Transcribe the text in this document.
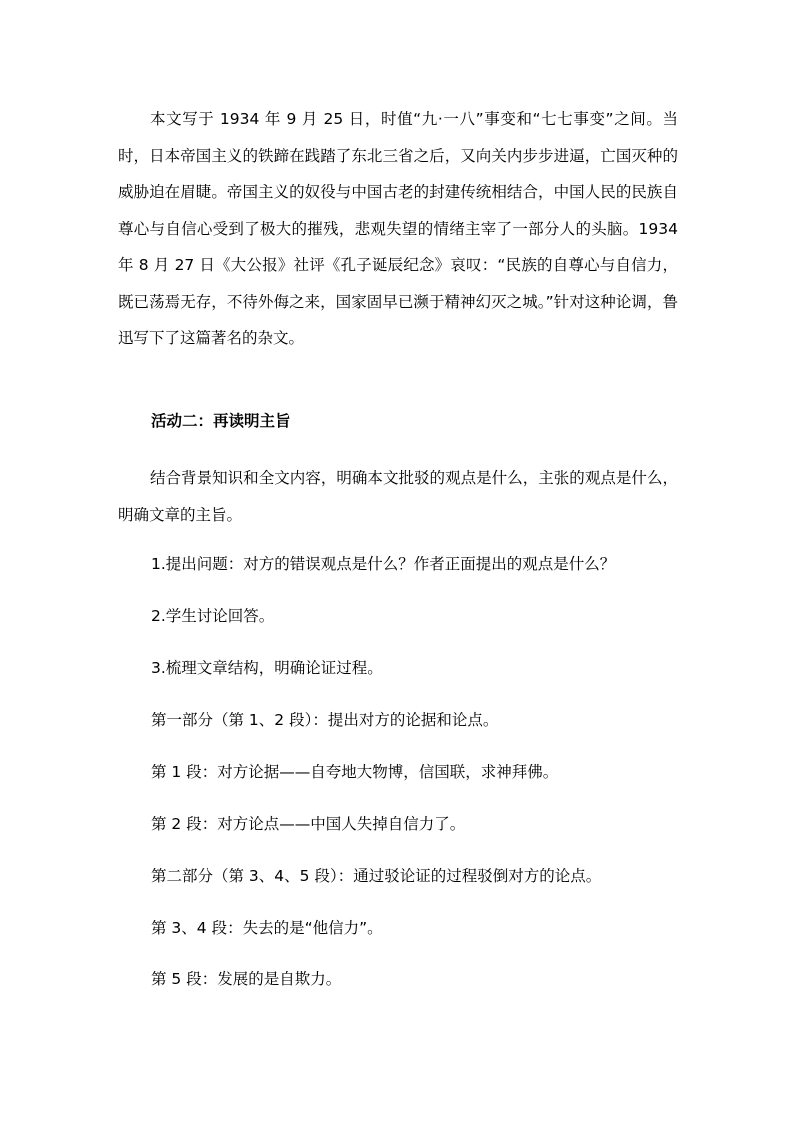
本文写于 1934 年 9 月 25 日，时值“九·一八”事变和“七七事变”之间。当时，日本帝国主义的铁蹄在践踏了东北三省之后，又向关内步步进逼，亡国灭种的威胁迫在眉睫。帝国主义的奴役与中国古老的封建传统相结合，中国人民的民族自尊心与自信心受到了极大的摧残，悲观失望的情绪主宰了一部分人的头脑。1934 年 8 月 27 日《大公报》社评《孔子诞辰纪念》哀叹：“民族的自尊心与自信力，既已荡焉无存，不待外侮之来，国家固早已濒于精神幻灭之城。”针对这种论调，鲁迅写下了这篇著名的杂文。

活动二：再读明主旨

结合背景知识和全文内容，明确本文批驳的观点是什么，主张的观点是什么，明确文章的主旨。

1.提出问题：对方的错误观点是什么？作者正面提出的观点是什么？

2.学生讨论回答。

3.梳理文章结构，明确论证过程。

第一部分（第 1、2 段）：提出对方的论据和论点。

第 1 段：对方论据——自夸地大物博，信国联，求神拜佛。

第 2 段：对方论点——中国人失掉自信力了。

第二部分（第 3、4、5 段）：通过驳论证的过程驳倒对方的论点。

第 3、4 段：失去的是“他信力”。

第 5 段：发展的是自欺力。
